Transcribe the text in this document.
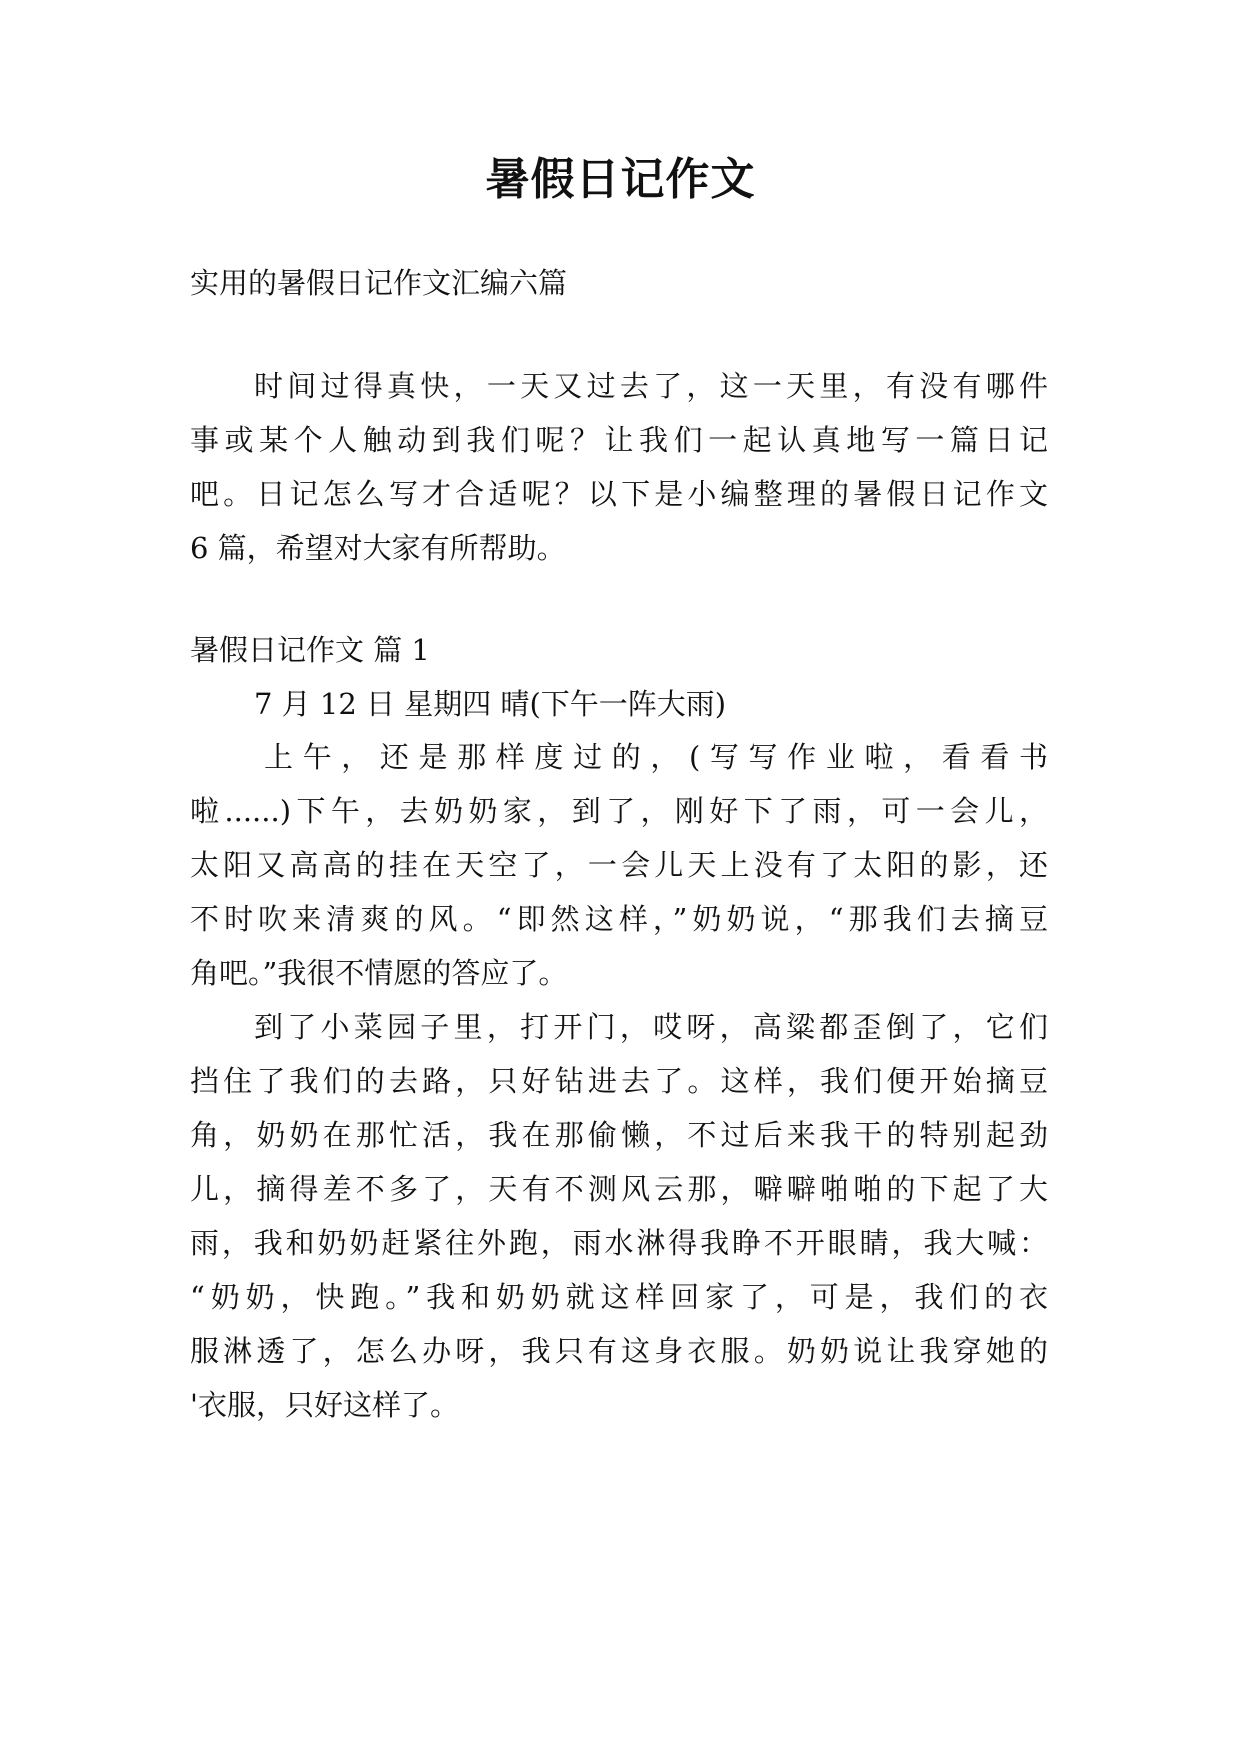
暑假日记作文

实用的暑假日记作文汇编六篇

时间过得真快，一天又过去了，这一天里，有没有哪件

事或某个人触动到我们呢？让我们一起认真地写一篇日记

吧。日记怎么写才合适呢？以下是小编整理的暑假日记作文

6 篇，希望对大家有所帮助。

暑假日记作文 篇 1

7 月 12 日 星期四 晴(下午一阵大雨)

上午，还是那样度过的，(写写作业啦，看看书

啦......)下午，去奶奶家，到了，刚好下了雨，可一会儿，

太阳又高高的挂在天空了，一会儿天上没有了太阳的影，还

不时吹来清爽的风。“即然这样，”奶奶说，“那我们去摘豆

角吧。”我很不情愿的答应了。

到了小菜园子里，打开门，哎呀，高粱都歪倒了，它们

挡住了我们的去路，只好钻进去了。这样，我们便开始摘豆

角，奶奶在那忙活，我在那偷懒，不过后来我干的特别起劲

儿，摘得差不多了，天有不测风云那，噼噼啪啪的下起了大

雨，我和奶奶赶紧往外跑，雨水淋得我睁不开眼睛，我大喊：

“奶奶，快跑。”我和奶奶就这样回家了，可是，我们的衣

服淋透了，怎么办呀，我只有这身衣服。奶奶说让我穿她的

'衣服，只好这样了。
